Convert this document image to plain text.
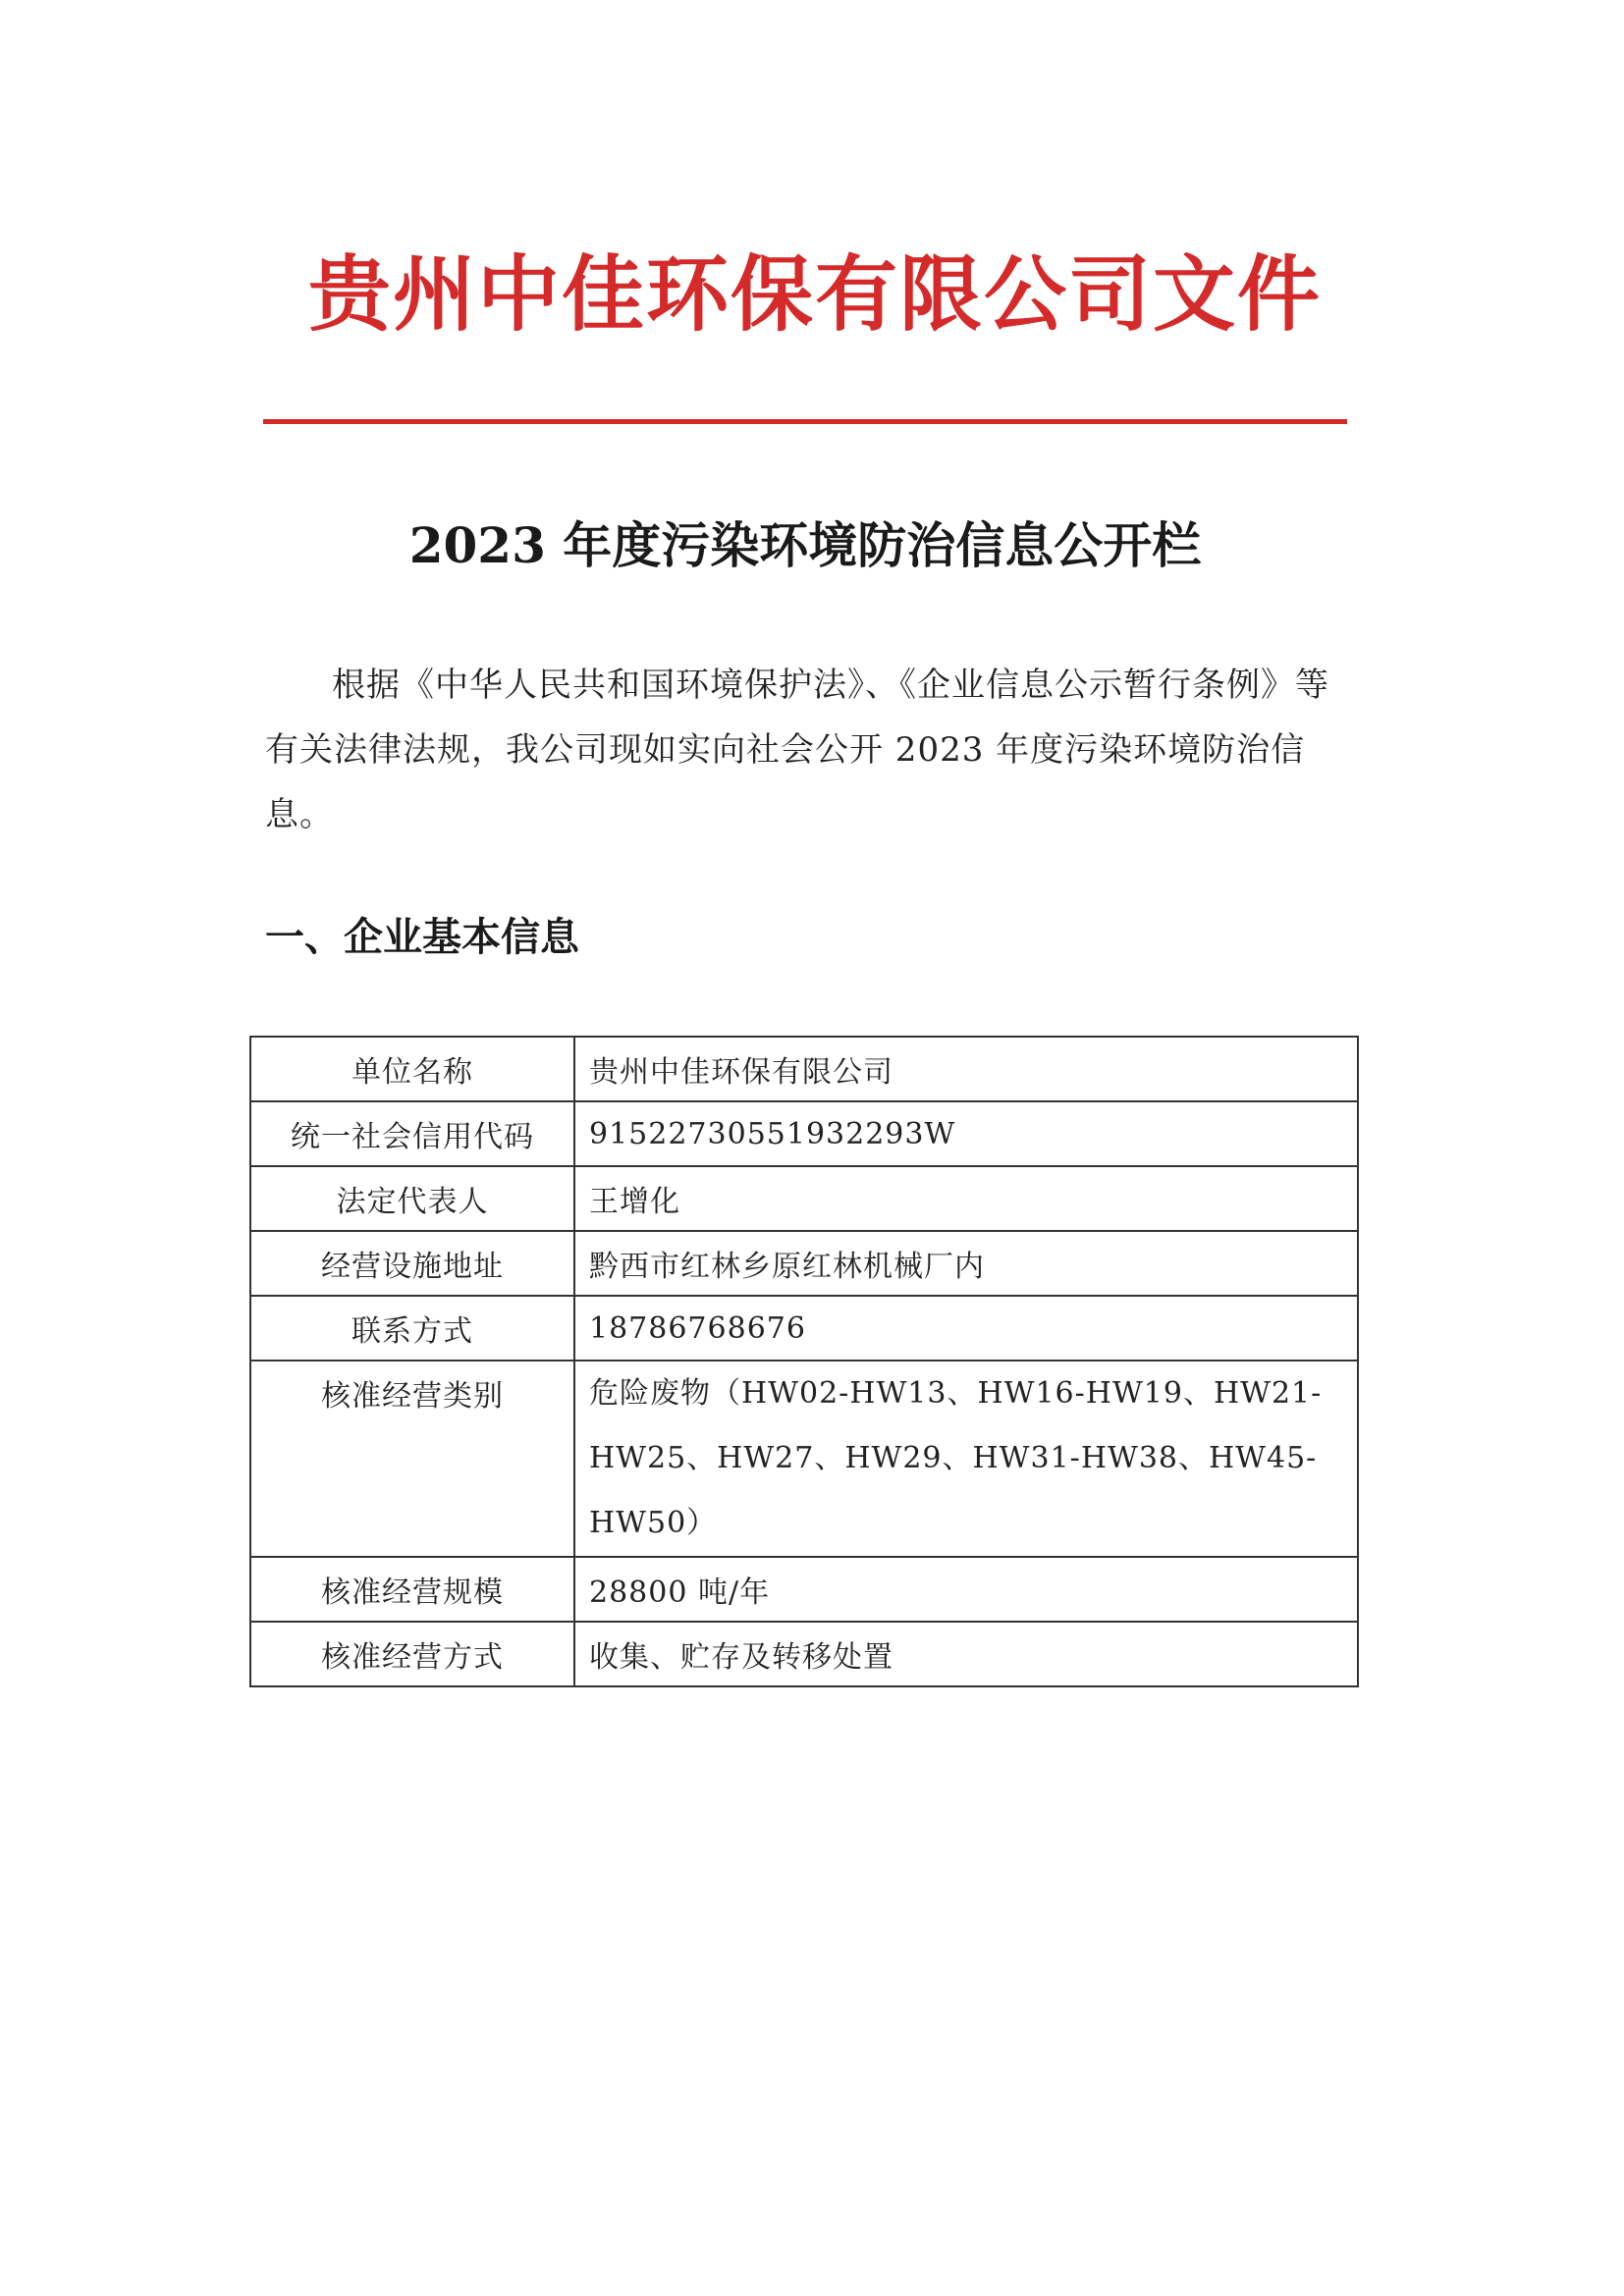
贵州中佳环保有限公司文件
2023 年度污染环境防治信息公开栏

根据《中华人民共和国环境保护法》、《企业信息公示暂行条例》等有关法律法规，我公司现如实向社会公开 2023 年度污染环境防治信息。

一、企业基本信息
单位名称	贵州中佳环保有限公司
统一社会信用代码	91522730551932293W
法定代表人	王增化
经营设施地址	黔西市红林乡原红林机械厂内
联系方式	18786768676
核准经营类别	危险废物（HW02-HW13、HW16-HW19、HW21-HW25、HW27、HW29、HW31-HW38、HW45-HW50）
核准经营规模	28800 吨/年
核准经营方式	收集、贮存及转移处置
